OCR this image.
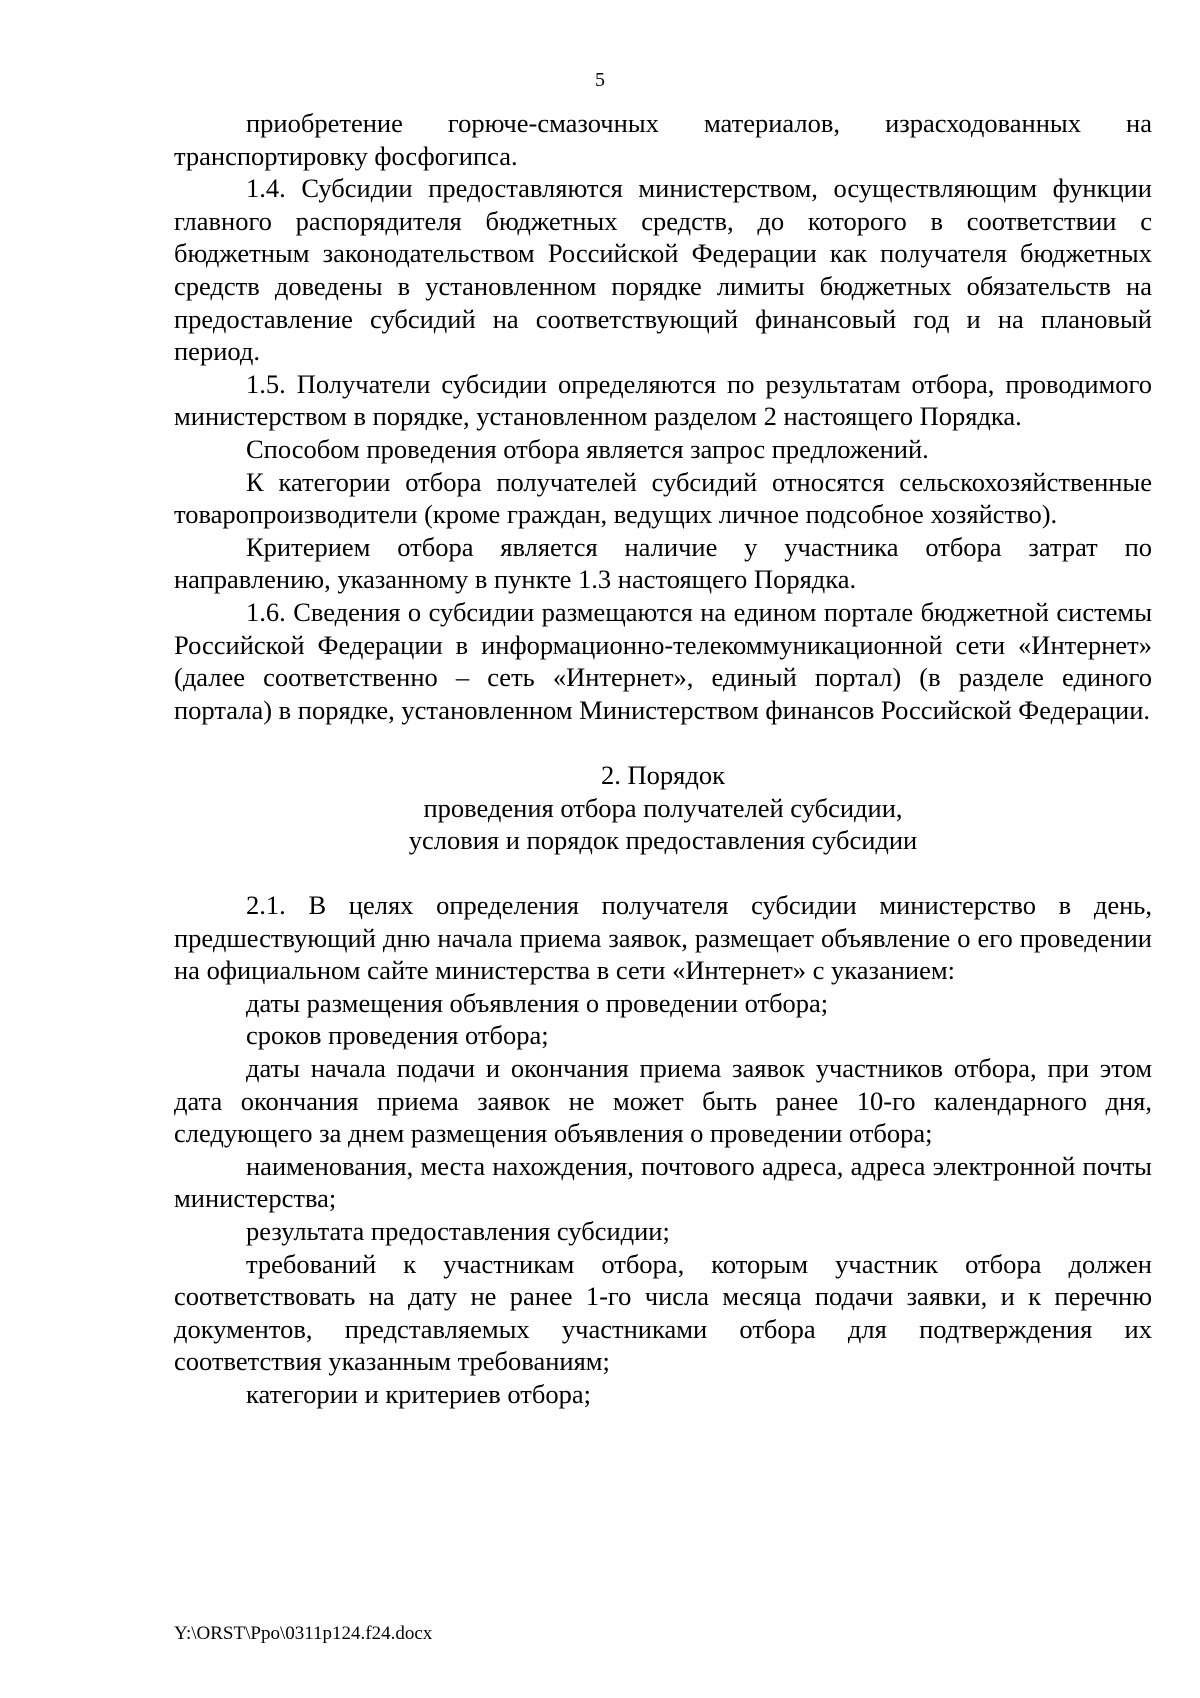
5

приобретение горюче-смазочных материалов, израсходованных на транспортировку фосфогипса.

1.4. Субсидии предоставляются министерством, осуществляющим функции главного распорядителя бюджетных средств, до которого в соответствии с бюджетным законодательством Российской Федерации как получателя бюджетных средств доведены в установленном порядке лимиты бюджетных обязательств на предоставление субсидий на соответствующий финансовый год и на плановый период.

1.5. Получатели субсидии определяются по результатам отбора, проводимого министерством в порядке, установленном разделом 2 настоящего Порядка.

Способом проведения отбора является запрос предложений.

К категории отбора получателей субсидий относятся сельскохозяйственные товаропроизводители (кроме граждан, ведущих личное подсобное хозяйство).

Критерием отбора является наличие у участника отбора затрат по направлению, указанному в пункте 1.3 настоящего Порядка.

1.6. Сведения о субсидии размещаются на едином портале бюджетной системы Российской Федерации в информационно-телекоммуникационной сети «Интернет» (далее соответственно – сеть «Интернет», единый портал) (в разделе единого портала) в порядке, установленном Министерством финансов Российской Федерации.

2. Порядок
проведения отбора получателей субсидии,
условия и порядок предоставления субсидии

2.1. В целях определения получателя субсидии министерство в день, предшествующий дню начала приема заявок, размещает объявление о его проведении на официальном сайте министерства в сети «Интернет» с указанием:

даты размещения объявления о проведении отбора;

сроков проведения отбора;

даты начала подачи и окончания приема заявок участников отбора, при этом дата окончания приема заявок не может быть ранее 10-го календарного дня, следующего за днем размещения объявления о проведении отбора;

наименования, места нахождения, почтового адреса, адреса электронной почты министерства;

результата предоставления субсидии;

требований к участникам отбора, которым участник отбора должен соответствовать на дату не ранее 1-го числа месяца подачи заявки, и к перечню документов, представляемых участниками отбора для подтверждения их соответствия указанным требованиям;

категории и критериев отбора;

Y:\ORST\Ppo\0311p124.f24.docx
